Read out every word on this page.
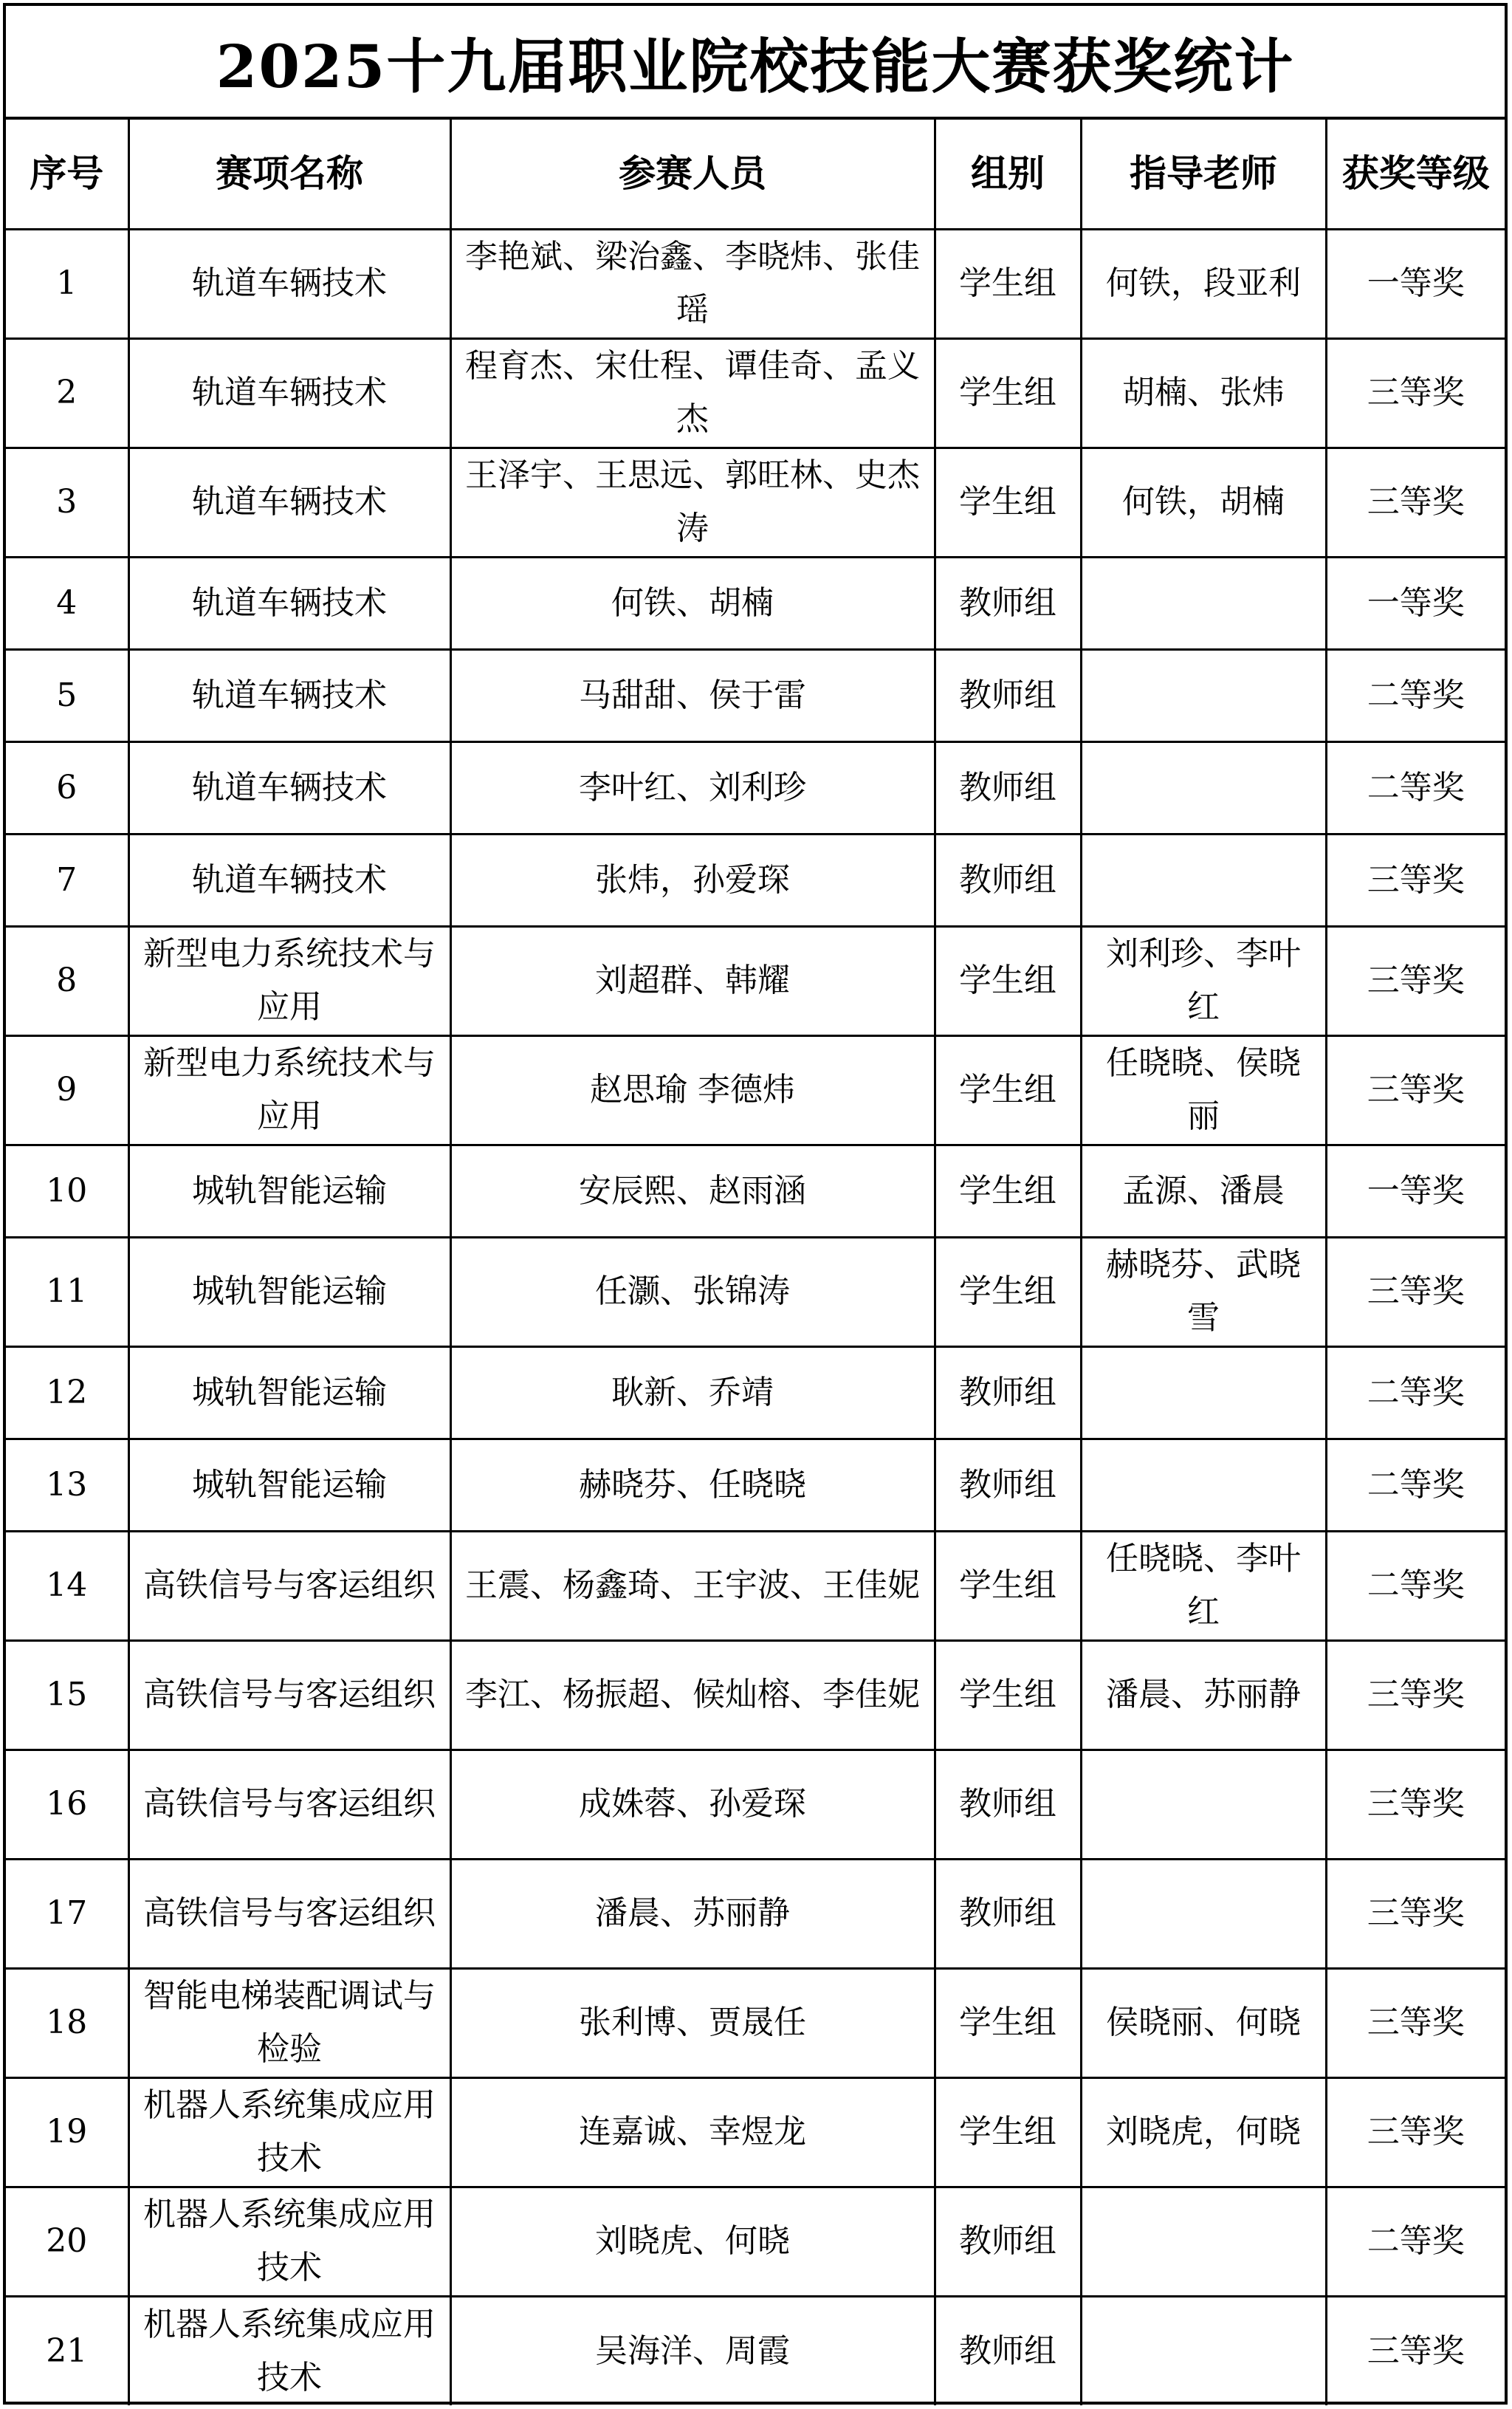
2025十九届职业院校技能大赛获奖统计
序号	赛项名称	参赛人员	组别	指导老师	获奖等级
1	轨道车辆技术	李艳斌、梁治鑫、李晓炜、张佳瑶	学生组	何铁，段亚利	一等奖
2	轨道车辆技术	程育杰、宋仕程、谭佳奇、孟义杰	学生组	胡楠、张炜	三等奖
3	轨道车辆技术	王泽宇、王思远、郭旺林、史杰涛	学生组	何铁，胡楠	三等奖
4	轨道车辆技术	何铁、胡楠	教师组		一等奖
5	轨道车辆技术	马甜甜、侯于雷	教师组		二等奖
6	轨道车辆技术	李叶红、刘利珍	教师组		二等奖
7	轨道车辆技术	张炜，孙爱琛	教师组		三等奖
8	新型电力系统技术与应用	刘超群、韩耀	学生组	刘利珍、李叶红	三等奖
9	新型电力系统技术与应用	赵思瑜 李德炜	学生组	任晓晓、侯晓丽	三等奖
10	城轨智能运输	安辰熙、赵雨涵	学生组	孟源、潘晨	一等奖
11	城轨智能运输	任灏、张锦涛	学生组	赫晓芬、武晓雪	三等奖
12	城轨智能运输	耿新、乔靖	教师组		二等奖
13	城轨智能运输	赫晓芬、任晓晓	教师组		二等奖
14	高铁信号与客运组织	王震、杨鑫琦、王宇波、王佳妮	学生组	任晓晓、李叶红	二等奖
15	高铁信号与客运组织	李江、杨振超、候灿榕、李佳妮	学生组	潘晨、苏丽静	三等奖
16	高铁信号与客运组织	成姝蓉、孙爱琛	教师组		三等奖
17	高铁信号与客运组织	潘晨、苏丽静	教师组		三等奖
18	智能电梯装配调试与检验	张利博、贾晟任	学生组	侯晓丽、何晓	三等奖
19	机器人系统集成应用技术	连嘉诚、幸煜龙	学生组	刘晓虎，何晓	三等奖
20	机器人系统集成应用技术	刘晓虎、何晓	教师组		二等奖
21	机器人系统集成应用技术	吴海洋、周霞	教师组		三等奖
